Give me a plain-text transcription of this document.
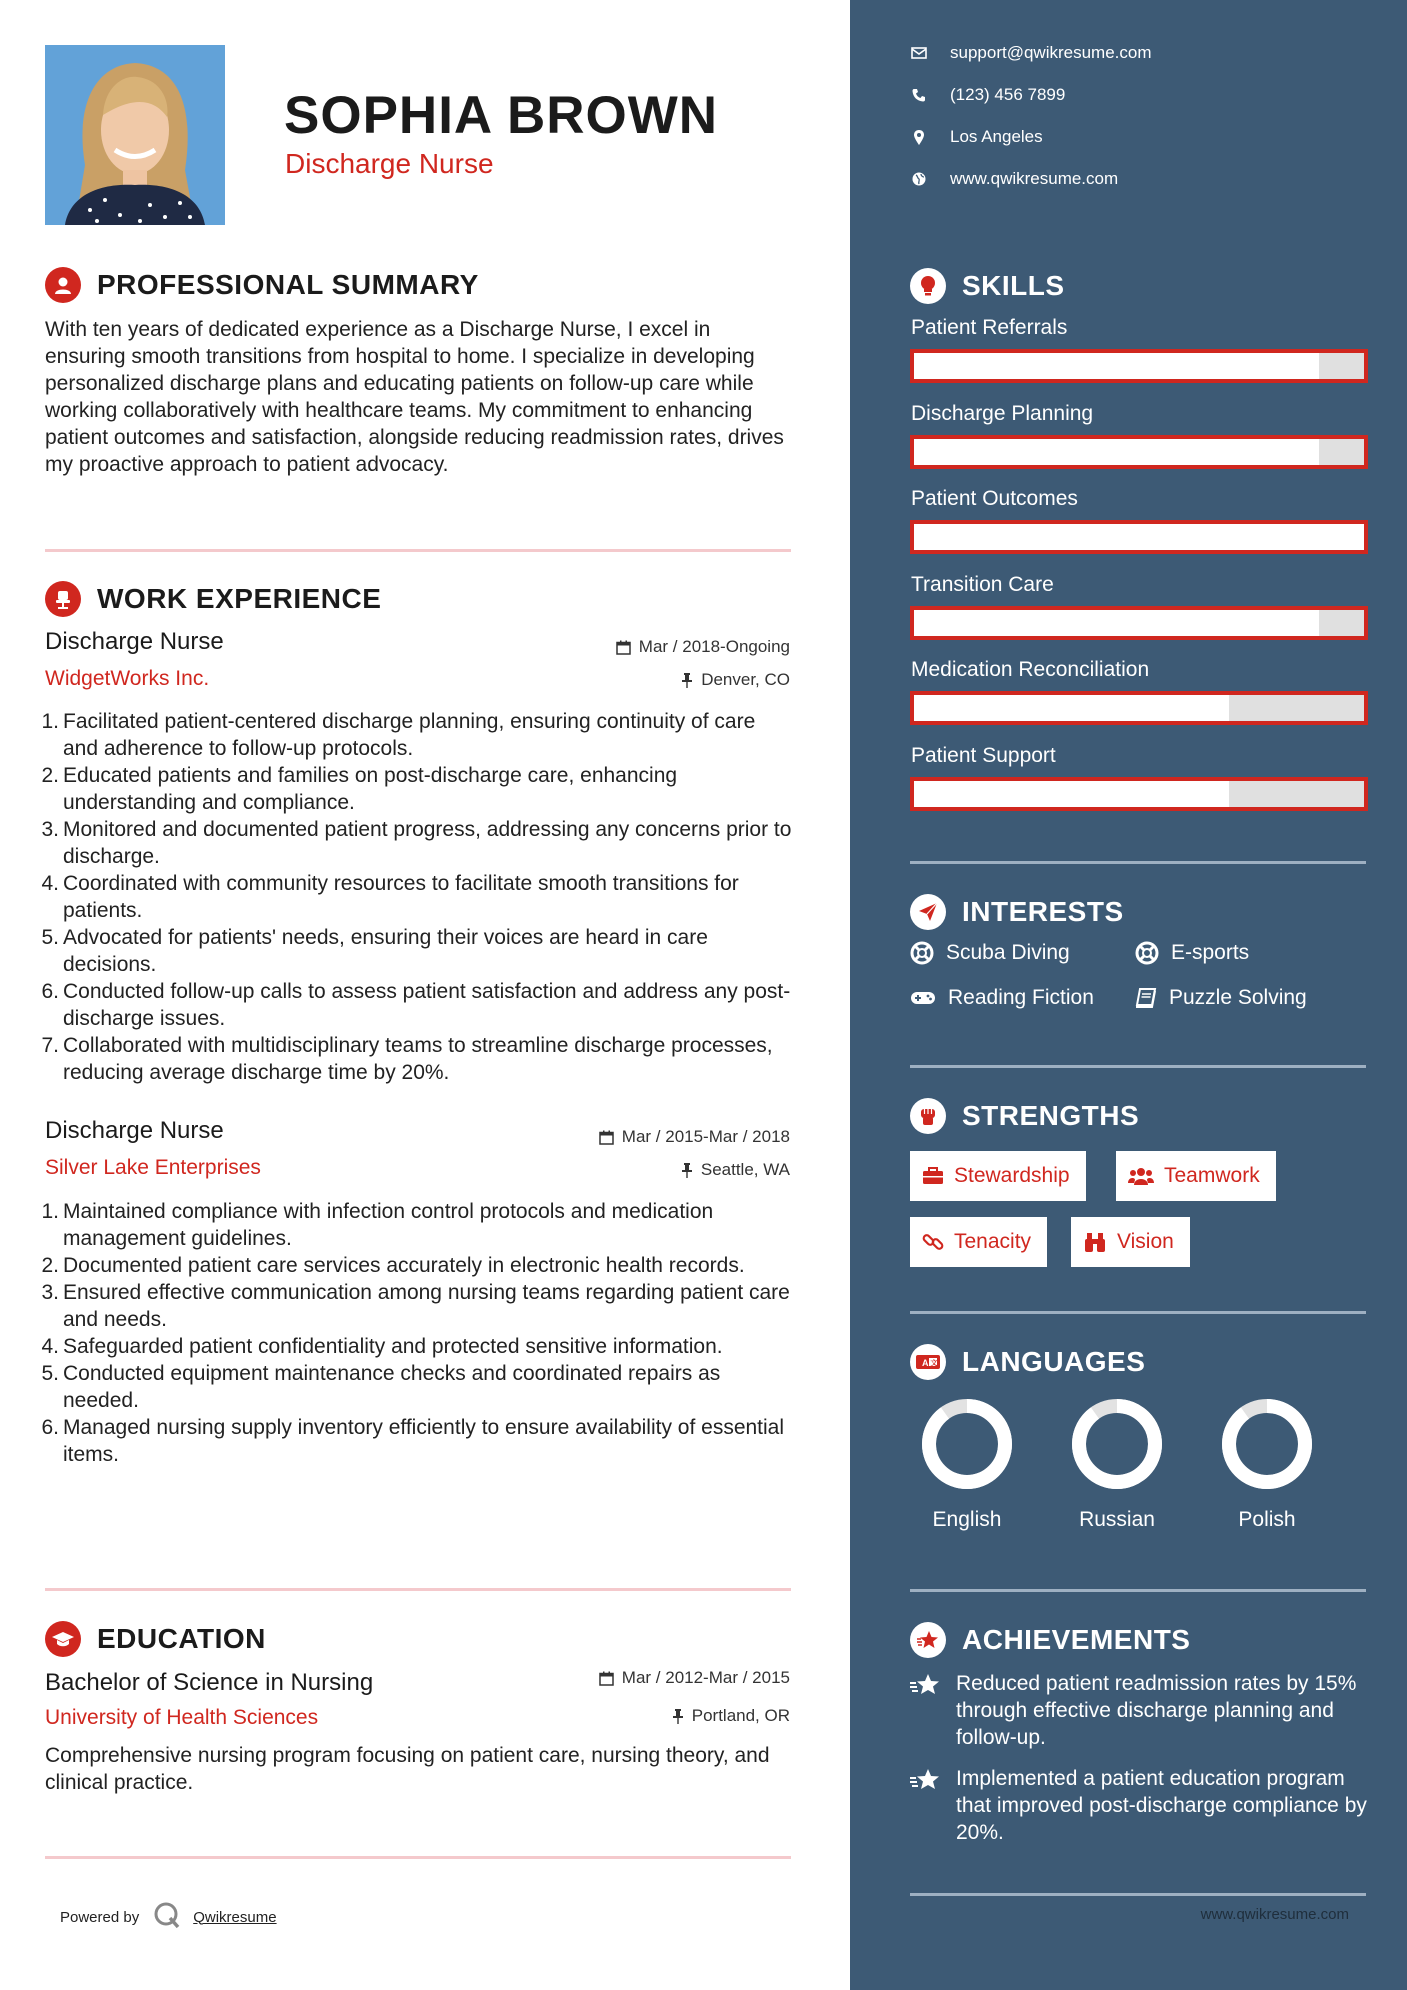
SOPHIA BROWN
Discharge Nurse
PROFESSIONAL SUMMARY
With ten years of dedicated experience as a Discharge Nurse, I excel in ensuring smooth transitions from hospital to home. I specialize in developing personalized discharge plans and educating patients on follow-up care while working collaboratively with healthcare teams. My commitment to enhancing patient outcomes and satisfaction, alongside reducing readmission rates, drives my proactive approach to patient advocacy.
WORK EXPERIENCE
Discharge Nurse	Mar / 2018-Ongoing
WidgetWorks Inc.	Denver, CO
1. Facilitated patient-centered discharge planning, ensuring continuity of care and adherence to follow-up protocols.
2. Educated patients and families on post-discharge care, enhancing understanding and compliance.
3. Monitored and documented patient progress, addressing any concerns prior to discharge.
4. Coordinated with community resources to facilitate smooth transitions for patients.
5. Advocated for patients' needs, ensuring their voices are heard in care decisions.
6. Conducted follow-up calls to assess patient satisfaction and address any post-discharge issues.
7. Collaborated with multidisciplinary teams to streamline discharge processes, reducing average discharge time by 20%.
Discharge Nurse	Mar / 2015-Mar / 2018
Silver Lake Enterprises	Seattle, WA
1. Maintained compliance with infection control protocols and medication management guidelines.
2. Documented patient care services accurately in electronic health records.
3. Ensured effective communication among nursing teams regarding patient care and needs.
4. Safeguarded patient confidentiality and protected sensitive information.
5. Conducted equipment maintenance checks and coordinated repairs as needed.
6. Managed nursing supply inventory efficiently to ensure availability of essential items.
EDUCATION
Bachelor of Science in Nursing	Mar / 2012-Mar / 2015
University of Health Sciences	Portland, OR
Comprehensive nursing program focusing on patient care, nursing theory, and clinical practice.
Powered by	Qwikresume
support@qwikresume.com
(123) 456 7899
Los Angeles
www.qwikresume.com
SKILLS
Patient Referrals
Discharge Planning
Patient Outcomes
Transition Care
Medication Reconciliation
Patient Support
INTERESTS
Scuba Diving	E-sports
Reading Fiction	Puzzle Solving
STRENGTHS
Stewardship	Teamwork
Tenacity	Vision
A 文 LANGUAGES
English	Russian	Polish
ACHIEVEMENTS
Reduced patient readmission rates by 15% through effective discharge planning and follow-up.
Implemented a patient education program that improved post-discharge compliance by 20%.
www.qwikresume.com
